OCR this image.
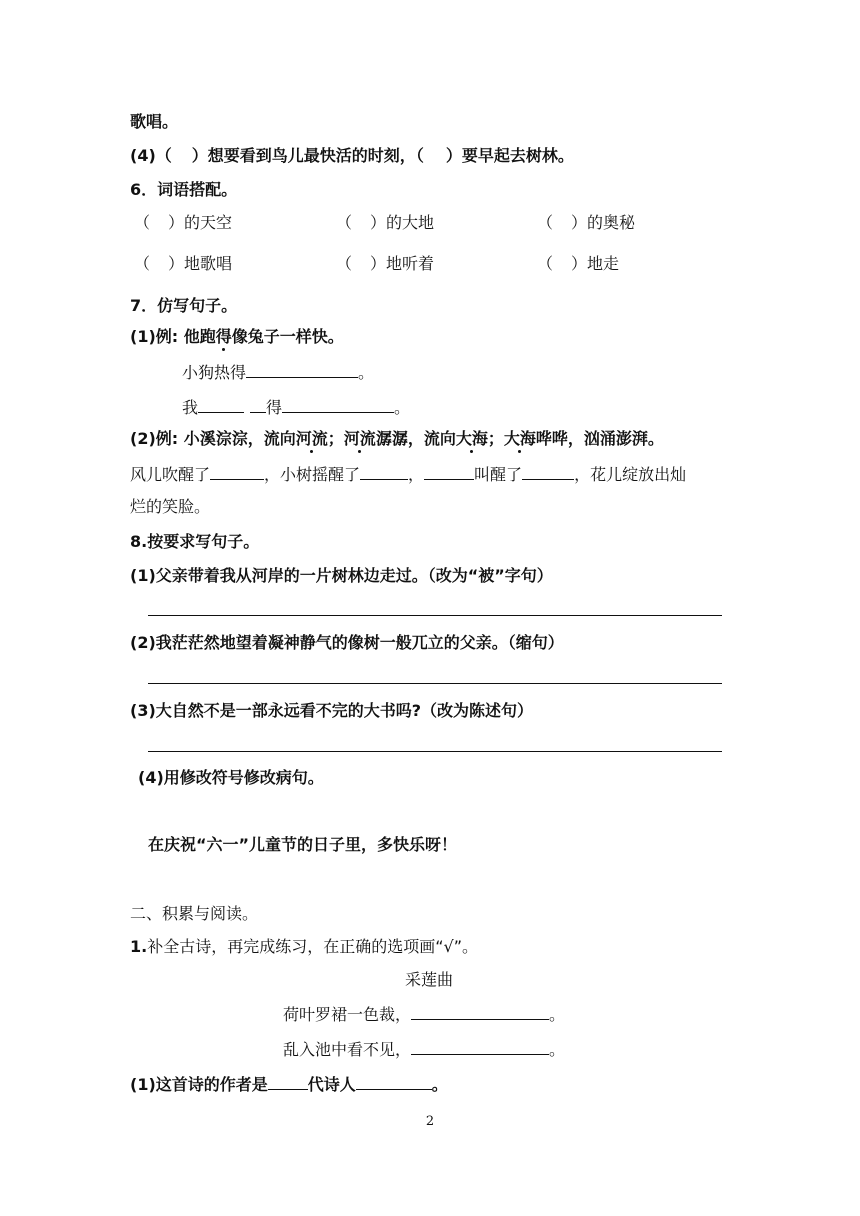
歌唱。
(4)（ ）想要看到鸟儿最快活的时刻，（ ）要早起去树林。
6．词语搭配。
（ ）的天空	（ ）的大地	（ ）的奥秘
（ ）地歌唱	（ ）地听着	（ ）地走
7．仿写句子。
(1)例: 他跑得像兔子一样快。
小狗热得	。
我	得	。
(2)例: 小溪淙淙，流向河流；河流潺潺，流向大海；大海哗哗，汹涌澎湃。
风儿吹醒了	，小树摇醒了	，	叫醒了	，花儿绽放出灿
烂的笑脸。
8.按要求写句子。
(1)父亲带着我从河岸的一片树林边走过。（改为“被”字句）
(2)我茫茫然地望着凝神静气的像树一般兀立的父亲。（缩句）
(3)大自然不是一部永远看不完的大书吗?（改为陈述句）
(4)用修改符号修改病句。
在庆祝“六一”儿童节的日子里，多快乐呀！
二、积累与阅读。
1.补全古诗，再完成练习，在正确的选项画“√”。
采莲曲
荷叶罗裙一色裁，	。
乱入池中看不见，	。
(1)这首诗的作者是	代诗人	。
2
